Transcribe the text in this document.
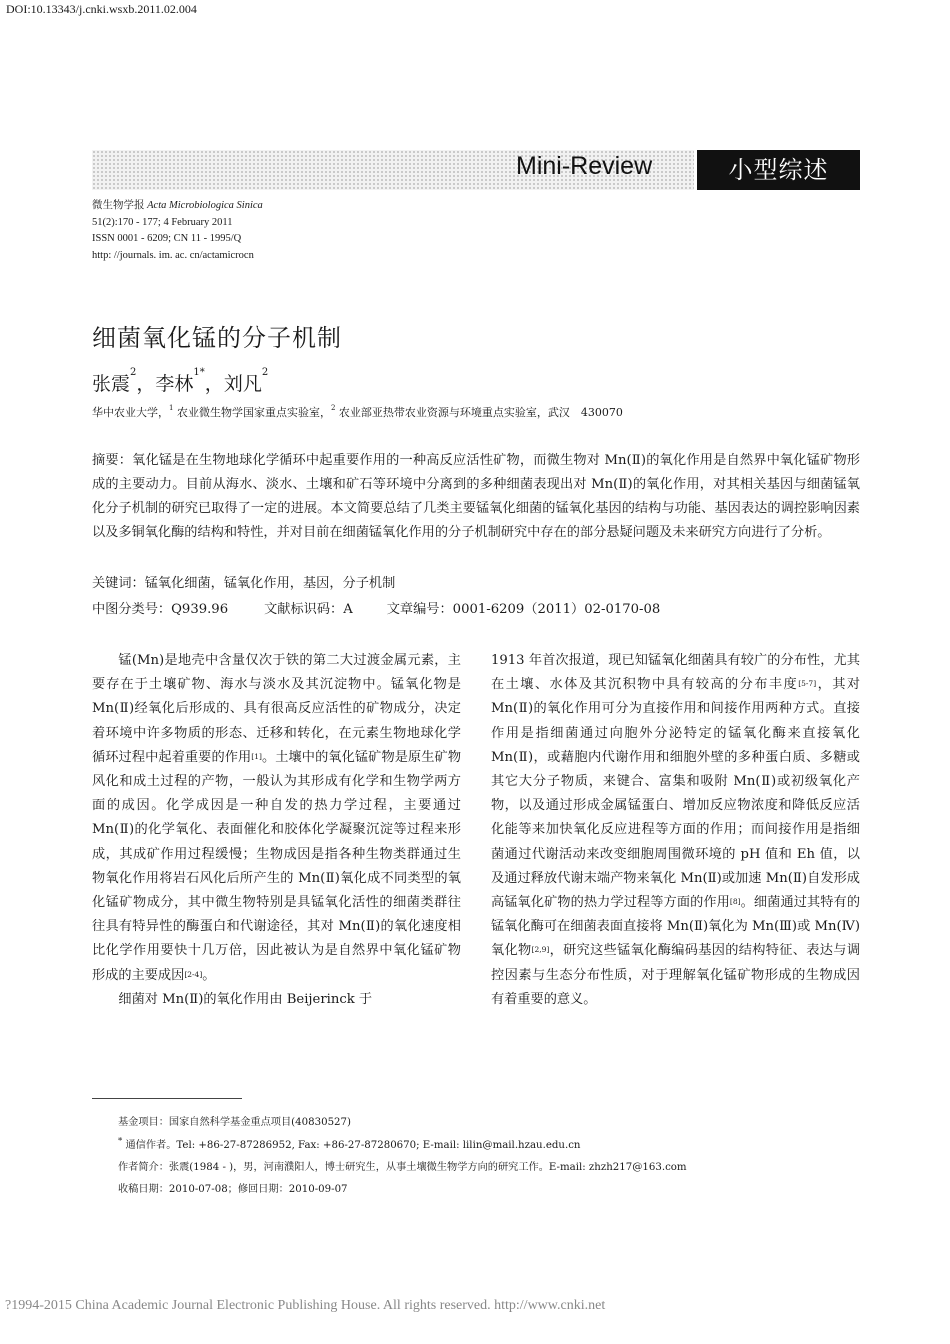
DOI:10.13343/j.cnki.wsxb.2011.02.004
Mini-Review	小型综述
微生物学报 Acta Microbiologica Sinica
51(2):170 - 177; 4 February 2011
ISSN 0001 - 6209; CN 11 - 1995/Q
http: //journals. im. ac. cn/actamicrocn
细菌氧化锰的分子机制
张震$^2$，李林$^{1*}$，刘凡$^2$
华中农业大学，$^1$ 农业微生物学国家重点实验室，$^2$ 农业部亚热带农业资源与环境重点实验室，武汉　430070

摘要：氧化锰是在生物地球化学循环中起重要作用的一种高反应活性矿物，而微生物对 Mn(Ⅱ)的氧化作用是自然界中氧化锰矿物形成的主要动力。目前从海水、淡水、土壤和矿石等环境中分离到的多种细菌表现出对 Mn(Ⅱ)的氧化作用，对其相关基因与细菌锰氧化分子机制的研究已取得了一定的进展。本文简要总结了几类主要锰氧化细菌的锰氧化基因的结构与功能、基因表达的调控影响因素以及多铜氧化酶的结构和特性，并对目前在细菌锰氧化作用的分子机制研究中存在的部分悬疑问题及未来研究方向进行了分析。

关键词：锰氧化细菌，锰氧化作用，基因，分子机制
中图分类号：Q939.96	文献标识码：A	文章编号：0001-6209（2011）02-0170-08

锰(Mn)是地壳中含量仅次于铁的第二大过渡金属元素，主要存在于土壤矿物、海水与淡水及其沉淀物中。锰氧化物是 Mn(Ⅱ)经氧化后形成的、具有很高反应活性的矿物成分，决定着环境中许多物质的形态、迁移和转化，在元素生物地球化学循环过程中起着重要的作用[1]。土壤中的氧化锰矿物是原生矿物风化和成土过程的产物，一般认为其形成有化学和生物学两方面的成因。化学成因是一种自发的热力学过程，主要通过 Mn(Ⅱ)的化学氧化、表面催化和胶体化学凝聚沉淀等过程来形成，其成矿作用过程缓慢；生物成因是指各种生物类群通过生物氧化作用将岩石风化后所产生的 Mn(Ⅱ)氧化成不同类型的氧化锰矿物成分，其中微生物特别是具锰氧化活性的细菌类群往往具有特异性的酶蛋白和代谢途径，其对 Mn(Ⅱ)的氧化速度相比化学作用要快十几万倍，因此被认为是自然界中氧化锰矿物形成的主要成因[2-4]。

细菌对 Mn(Ⅱ)的氧化作用由 Beijerinck 于

1913 年首次报道，现已知锰氧化细菌具有较广的分布性，尤其在土壤、水体及其沉积物中具有较高的分布丰度[5-7]，其对 Mn(Ⅱ)的氧化作用可分为直接作用和间接作用两种方式。直接作用是指细菌通过向胞外分泌特定的锰氧化酶来直接氧化 Mn(Ⅱ)，或藉胞内代谢作用和细胞外壁的多种蛋白质、多糖或其它大分子物质，来键合、富集和吸附 Mn(Ⅱ)或初级氧化产物，以及通过形成金属锰蛋白、增加反应物浓度和降低反应活化能等来加快氧化反应进程等方面的作用；而间接作用是指细菌通过代谢活动来改变细胞周围微环境的 pH 值和 Eh 值，以及通过释放代谢末端产物来氧化 Mn(Ⅱ)或加速 Mn(Ⅱ)自发形成高锰氧化矿物的热力学过程等方面的作用[8]。细菌通过其特有的锰氧化酶可在细菌表面直接将 Mn(Ⅱ)氧化为 Mn(Ⅲ)或 Mn(Ⅳ)氧化物[2,9]，研究这些锰氧化酶编码基因的结构特征、表达与调控因素与生态分布性质，对于理解氧化锰矿物形成的生物成因有着重要的意义。

基金项目：国家自然科学基金重点项目(40830527)
* 通信作者。Tel: +86-27-87286952, Fax: +86-27-87280670; E-mail: lilin@mail.hzau.edu.cn
作者简介：张震(1984 - )，男，河南濮阳人，博士研究生，从事土壤微生物学方向的研究工作。E-mail: zhzh217@163.com
收稿日期：2010-07-08；修回日期：2010-09-07
?1994-2015 China Academic Journal Electronic Publishing House. All rights reserved. http://www.cnki.net
